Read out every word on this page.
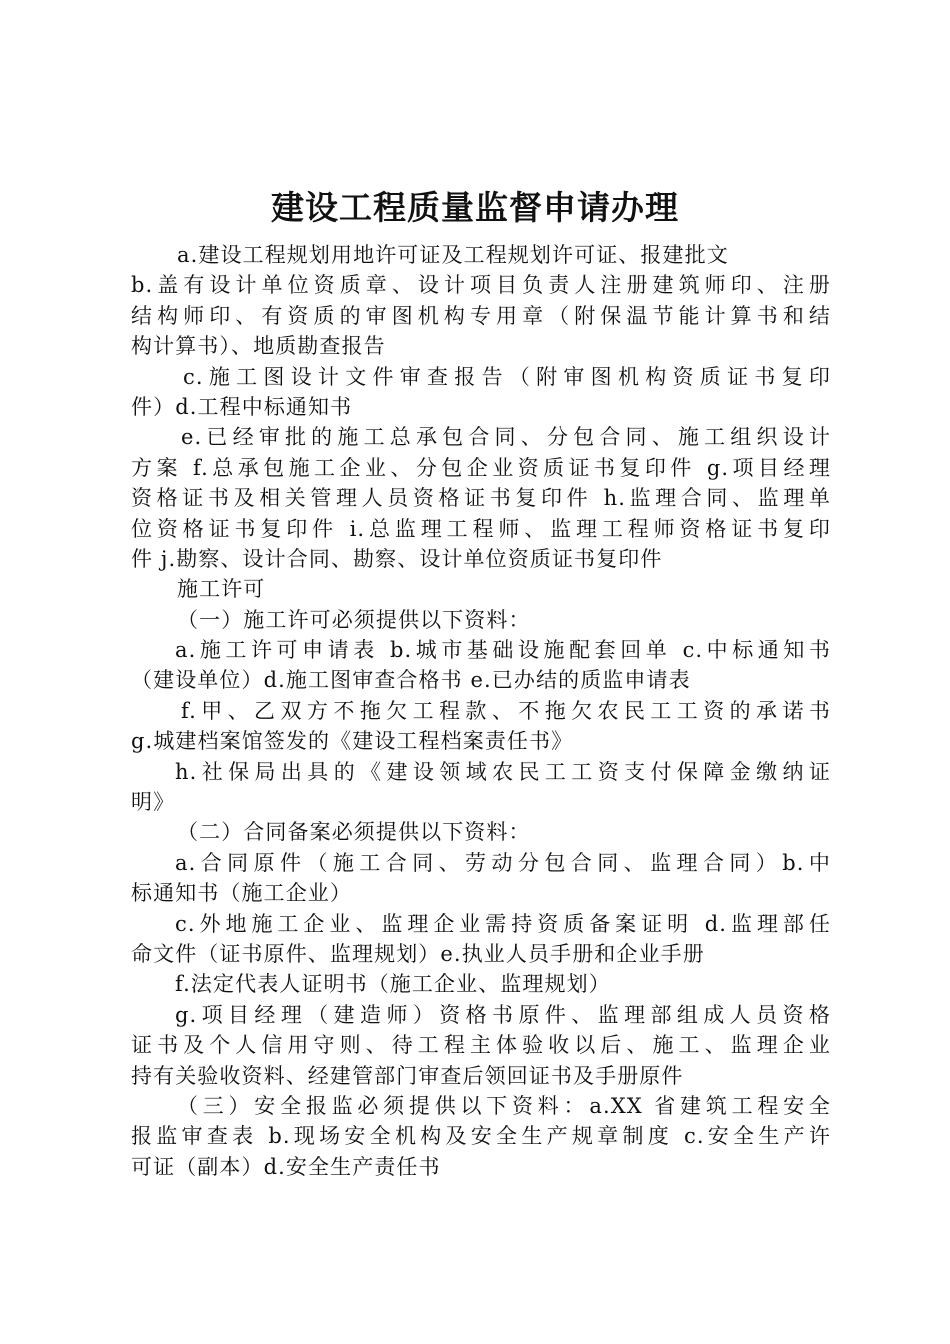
建设工程质量监督申请办理
a.建设工程规划用地许可证及工程规划许可证、报建批文
b.盖有设计单位资质章、设计项目负责人注册建筑师印、注册
结构师印、有资质的审图机构专用章（附保温节能计算书和结
构计算书）、地质勘查报告
c.施工图设计文件审查报告（附审图机构资质证书复印
件）d.工程中标通知书
e.已经审批的施工总承包合同、分包合同、施工组织设计
方案 f.总承包施工企业、分包企业资质证书复印件 g.项目经理
资格证书及相关管理人员资格证书复印件 h.监理合同、监理单
位资格证书复印件 i.总监理工程师、监理工程师资格证书复印
件 j.勘察、设计合同、勘察、设计单位资质证书复印件
施工许可
（一）施工许可必须提供以下资料：
a.施工许可申请表 b.城市基础设施配套回单 c.中标通知书
（建设单位）d.施工图审查合格书 e.已办结的质监申请表
f.甲、乙双方不拖欠工程款、不拖欠农民工工资的承诺书
g.城建档案馆签发的《建设工程档案责任书》
h.社保局出具的《建设领域农民工工资支付保障金缴纳证
明》
（二）合同备案必须提供以下资料：
a.合同原件（施工合同、劳动分包合同、监理合同）b.中
标通知书（施工企业）
c.外地施工企业、监理企业需持资质备案证明 d.监理部任
命文件（证书原件、监理规划）e.执业人员手册和企业手册
f.法定代表人证明书（施工企业、监理规划）
g.项目经理（建造师）资格书原件、监理部组成人员资格
证书及个人信用守则、待工程主体验收以后、施工、监理企业
持有关验收资料、经建管部门审查后领回证书及手册原件
（三）安全报监必须提供以下资料：a.XX 省建筑工程安全
报监审查表 b.现场安全机构及安全生产规章制度 c.安全生产许
可证（副本）d.安全生产责任书
